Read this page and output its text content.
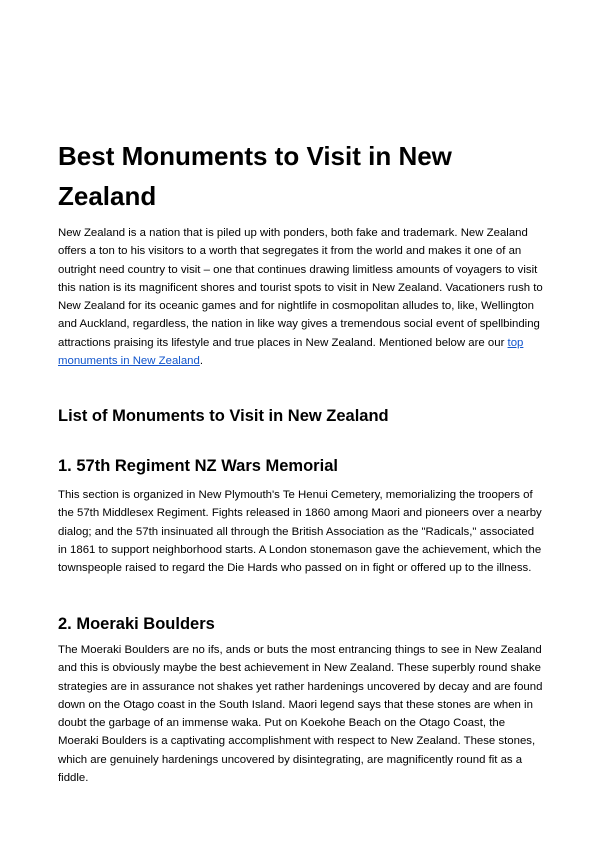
Best Monuments to Visit in New Zealand

New Zealand is a nation that is piled up with ponders, both fake and trademark. New Zealand offers a ton to his visitors to a worth that segregates it from the world and makes it one of an outright need country to visit – one that continues drawing limitless amounts of voyagers to visit this nation is its magnificent shores and tourist spots to visit in New Zealand. Vacationers rush to New Zealand for its oceanic games and for nightlife in cosmopolitan alludes to, like, Wellington and Auckland, regardless, the nation in like way gives a tremendous social event of spellbinding attractions praising its lifestyle and true places in New Zealand. Mentioned below are our top monuments in New Zealand.

List of Monuments to Visit in New Zealand
1. 57th Regiment NZ Wars Memorial

This section is organized in New Plymouth's Te Henui Cemetery, memorializing the troopers of the 57th Middlesex Regiment. Fights released in 1860 among Maori and pioneers over a nearby dialog; and the 57th insinuated all through the British Association as the "Radicals," associated in 1861 to support neighborhood starts. A London stonemason gave the achievement, which the townspeople raised to regard the Die Hards who passed on in fight or offered up to the illness.

2. Moeraki Boulders

The Moeraki Boulders are no ifs, ands or buts the most entrancing things to see in New Zealand and this is obviously maybe the best achievement in New Zealand. These superbly round shake strategies are in assurance not shakes yet rather hardenings uncovered by decay and are found down on the Otago coast in the South Island. Maori legend says that these stones are when in doubt the garbage of an immense waka. Put on Koekohe Beach on the Otago Coast, the Moeraki Boulders is a captivating accomplishment with respect to New Zealand. These stones, which are genuinely hardenings uncovered by disintegrating, are magnificently round fit as a fiddle.
